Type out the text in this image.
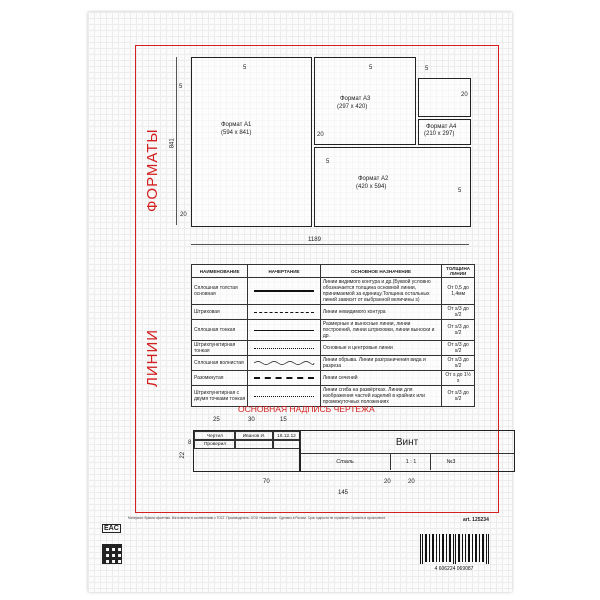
ФОРМАТЫ
ЛИНИИ
Формат А1
(594 х 841)
Формат А3
(297 х 420)
Формат А4
(210 х 297)
Формат А2
(420 х 594)
1189
841
5
5	5	5
20
20
5
5
20
НАИМЕНОВАНИЕ	НАЧЕРТАНИЕ	ОСНОВНОЕ НАЗНАЧЕНИЕ	ТОЛЩИНА ЛИНИИ
Сплошная толстая основная		Линии видимого контура и др.(Буквой условно обозначается толщина основной линии, принимаемой за единицу.Толщина остальных линий зависит от выбранной величины s)	От 0,5 до 1,4мм
Штриховая		Линии невидимого контура	От s/3 до s/2
Сплошная тонкая		Размерные и выносные линии, линии построений, линии штриховки, линии выноски и др.	От s/3 до s/2
Штрихпунктирная тонкая		Основные и центровые линии	От s/3 до s/2
Сплошная волнистая		Линии обрыва. Линии разграничения вида и разреза	От s/3 до s/2
Разомкнутая		Линии сечений	От s до 1½ s
Штрихпунктирная с двумя точками тонкая		Линии сгиба на развёртках. Линии для изображения частей изделий в крайних или промежуточных положениях	От s/3 до s/2
ОСНОВНАЯ НАДПИСЬ ЧЕРТЕЖА
25	30	15
22
8
70
145
20	20
Чертил	Иванов И.	16.12.12
Проверил	Винт
Сталь	1 : 1	№3
EAC
Материал: бумага офсетная. Изготовлено в соответствии с ГОСТ. Производитель: ООО «Компания». Сделано в России. Срок годности не ограничен. Хранить в сухом месте.	art. 125234
4 606224 069087
